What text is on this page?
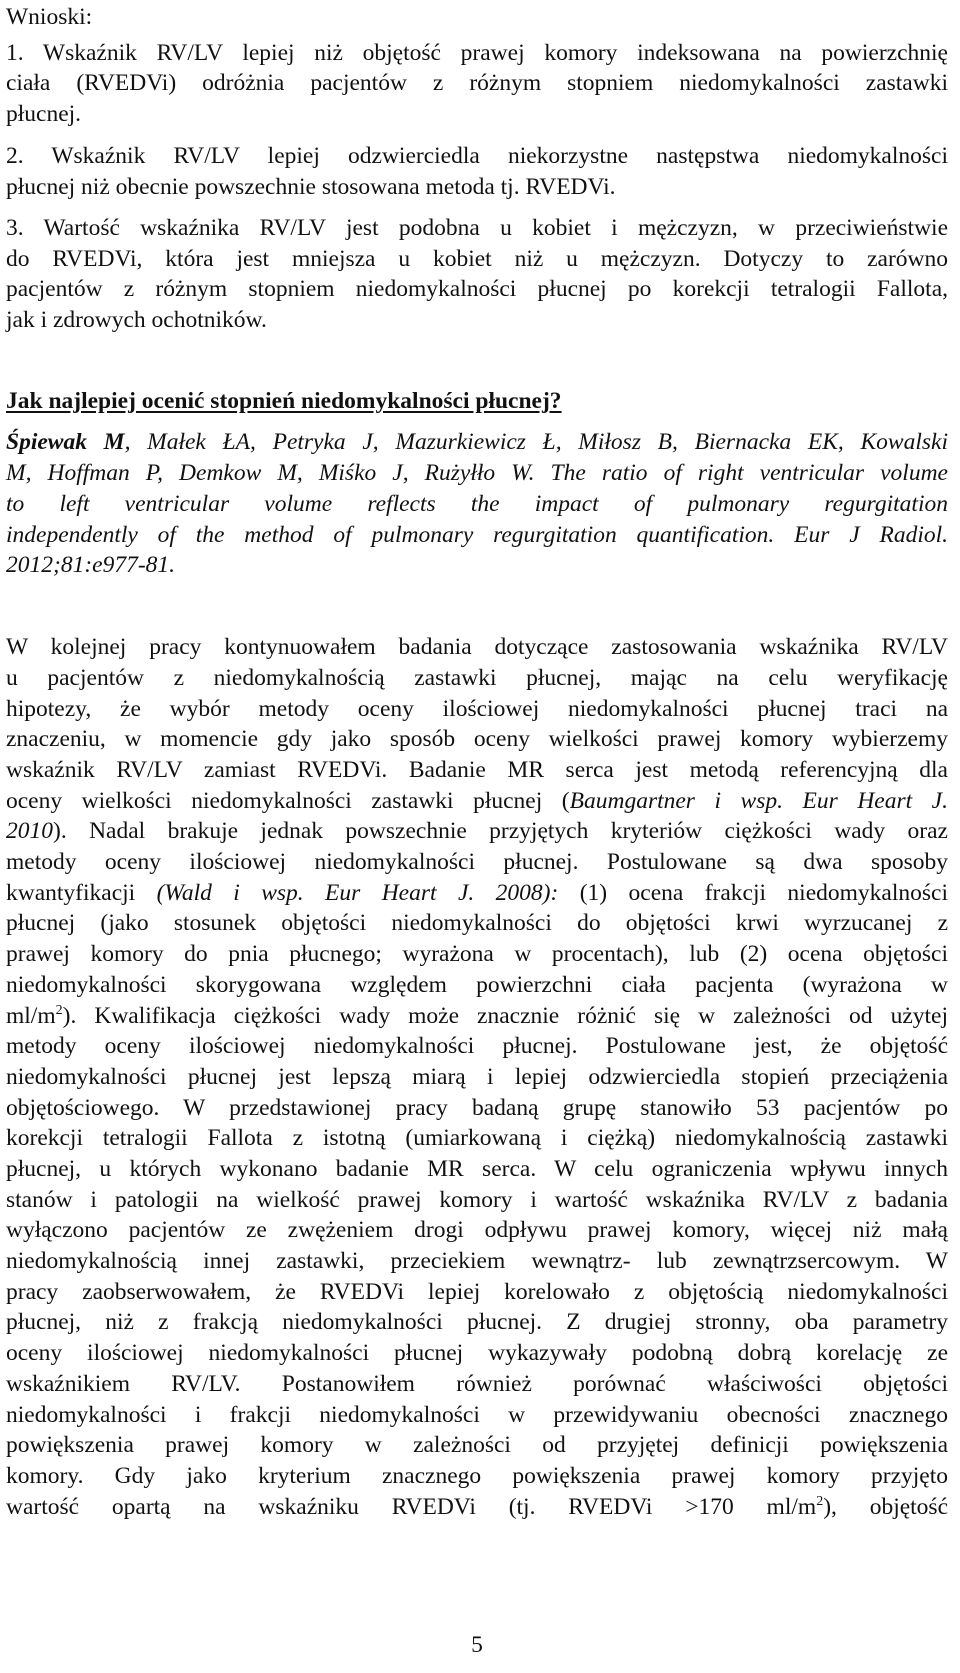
Wnioski:
1. Wskaźnik RV/LV lepiej niż objętość prawej komory indeksowana na powierzchnię
ciała (RVEDVi) odróżnia pacjentów z różnym stopniem niedomykalności zastawki
płucnej.
2. Wskaźnik RV/LV lepiej odzwierciedla niekorzystne następstwa niedomykalności
płucnej niż obecnie powszechnie stosowana metoda tj. RVEDVi.
3. Wartość wskaźnika RV/LV jest podobna u kobiet i mężczyzn, w przeciwieństwie
do RVEDVi, która jest mniejsza u kobiet niż u mężczyzn. Dotyczy to zarówno
pacjentów z różnym stopniem niedomykalności płucnej po korekcji tetralogii Fallota,
jak i zdrowych ochotników.
Jak najlepiej ocenić stopnień niedomykalności płucnej?
Śpiewak M, Małek ŁA, Petryka J, Mazurkiewicz Ł, Miłosz B, Biernacka EK, Kowalski
M, Hoffman P, Demkow M, Miśko J, Rużyłło W. The ratio of right ventricular volume
to left ventricular volume reflects the impact of pulmonary regurgitation
independently of the method of pulmonary regurgitation quantification. Eur J Radiol.
2012;81:e977-81.
W kolejnej pracy kontynuowałem badania dotyczące zastosowania wskaźnika RV/LV
u pacjentów z niedomykalnością zastawki płucnej, mając na celu weryfikację
hipotezy, że wybór metody oceny ilościowej niedomykalności płucnej traci na
znaczeniu, w momencie gdy jako sposób oceny wielkości prawej komory wybierzemy
wskaźnik RV/LV zamiast RVEDVi. Badanie MR serca jest metodą referencyjną dla
oceny wielkości niedomykalności zastawki płucnej (Baumgartner i wsp. Eur Heart J.
2010). Nadal brakuje jednak powszechnie przyjętych kryteriów ciężkości wady oraz
metody oceny ilościowej niedomykalności płucnej. Postulowane są dwa sposoby
kwantyfikacji (Wald i wsp. Eur Heart J. 2008): (1) ocena frakcji niedomykalności
płucnej (jako stosunek objętości niedomykalności do objętości krwi wyrzucanej z
prawej komory do pnia płucnego; wyrażona w procentach), lub (2) ocena objętości
niedomykalności skorygowana względem powierzchni ciała pacjenta (wyrażona w
$ml/m^2$). Kwalifikacja ciężkości wady może znacznie różnić się w zależności od użytej
metody oceny ilościowej niedomykalności płucnej. Postulowane jest, że objętość
niedomykalności płucnej jest lepszą miarą i lepiej odzwierciedla stopień przeciążenia
objętościowego. W przedstawionej pracy badaną grupę stanowiło 53 pacjentów po
korekcji tetralogii Fallota z istotną (umiarkowaną i ciężką) niedomykalnością zastawki
płucnej, u których wykonano badanie MR serca. W celu ograniczenia wpływu innych
stanów i patologii na wielkość prawej komory i wartość wskaźnika RV/LV z badania
wyłączono pacjentów ze zwężeniem drogi odpływu prawej komory, więcej niż małą
niedomykalnością innej zastawki, przeciekiem wewnątrz- lub zewnątrzsercowym. W
pracy zaobserwowałem, że RVEDVi lepiej korelowało z objętością niedomykalności
płucnej, niż z frakcją niedomykalności płucnej. Z drugiej stronny, oba parametry
oceny ilościowej niedomykalności płucnej wykazywały podobną dobrą korelację ze
wskaźnikiem RV/LV. Postanowiłem również porównać właściwości objętości
niedomykalności i frakcji niedomykalności w przewidywaniu obecności znacznego
powiększenia prawej komory w zależności od przyjętej definicji powiększenia
komory. Gdy jako kryterium znacznego powiększenia prawej komory przyjęto
wartość opartą na wskaźniku RVEDVi (tj. RVEDVi >170 $ml/m^2$), objętość
5
